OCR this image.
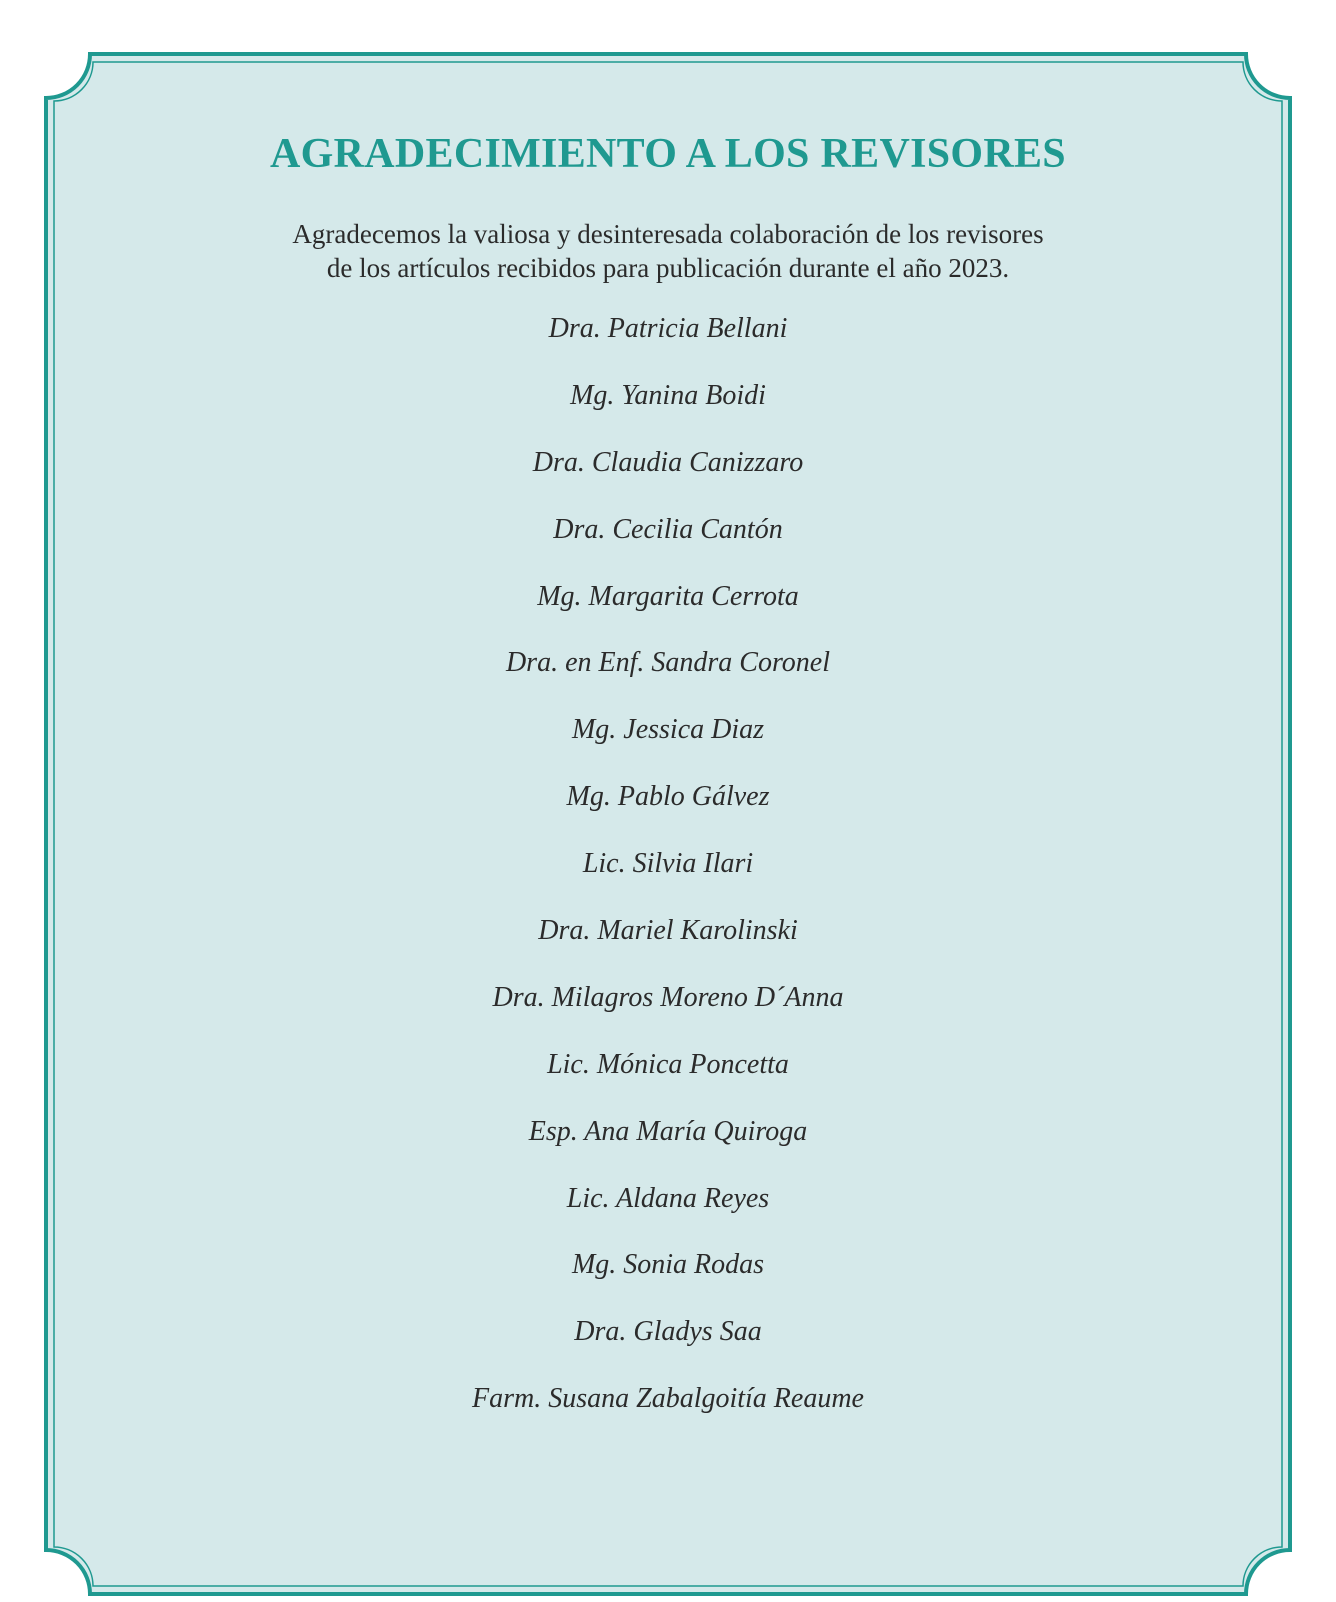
AGRADECIMIENTO A LOS REVISORES
Agradecemos la valiosa y desinteresada colaboración de los revisores
de los artículos recibidos para publicación durante el año 2023.
Dra. Patricia Bellani
Mg. Yanina Boidi
Dra. Claudia Canizzaro
Dra. Cecilia Cantón
Mg. Margarita Cerrota
Dra. en Enf. Sandra Coronel
Mg. Jessica Diaz
Mg. Pablo Gálvez
Lic. Silvia Ilari
Dra. Mariel Karolinski
Dra. Milagros Moreno D´Anna
Lic. Mónica Poncetta
Esp. Ana María Quiroga
Lic. Aldana Reyes
Mg. Sonia Rodas
Dra. Gladys Saa
Farm. Susana Zabalgoitía Reaume
